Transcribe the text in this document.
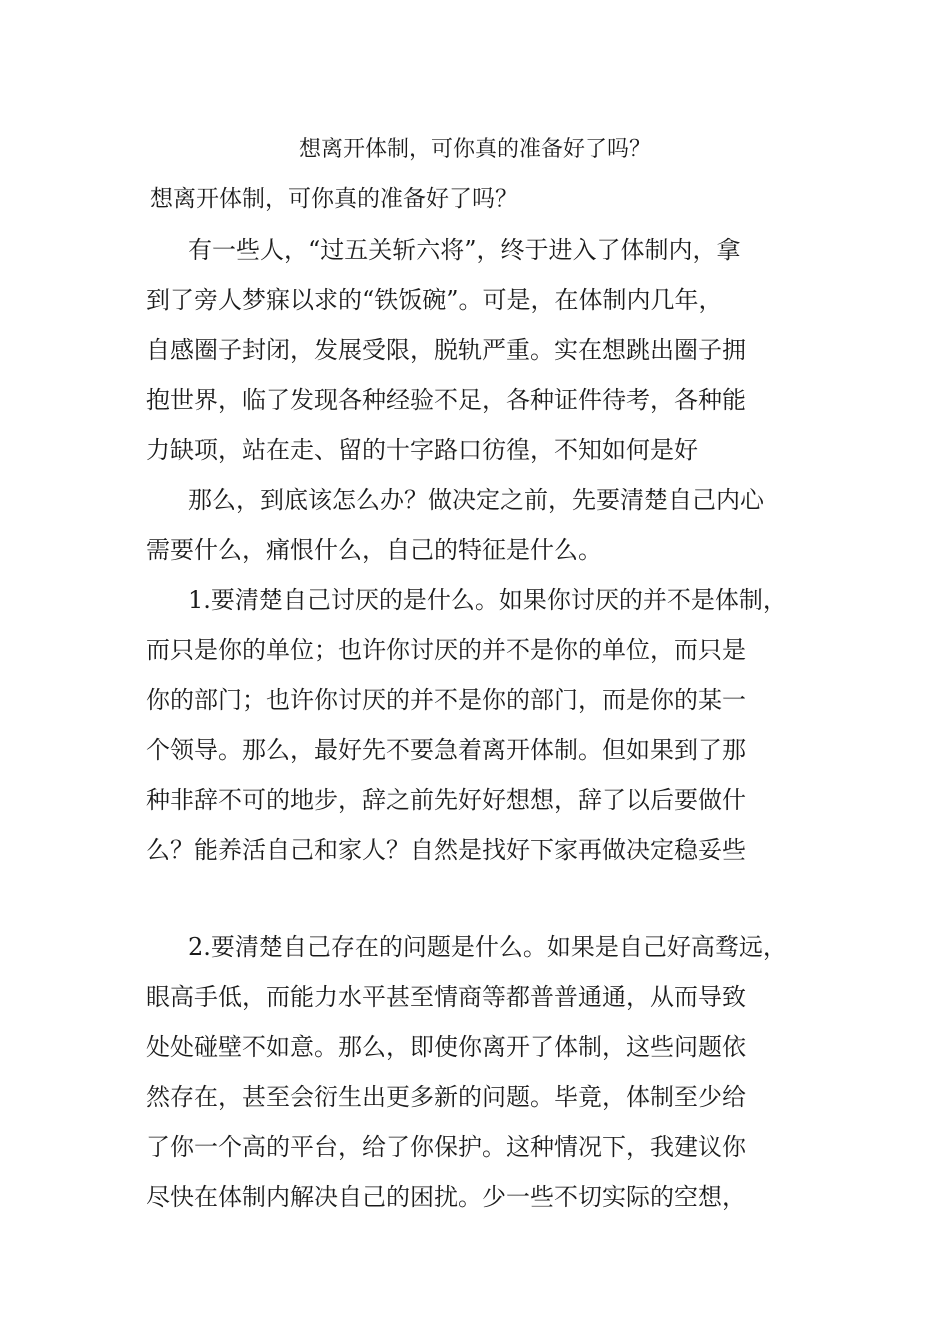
想离开体制，可你真的准备好了吗？
想离开体制，可你真的准备好了吗？
有一些人，“过五关斩六将”，终于进入了体制内，拿
到了旁人梦寐以求的“铁饭碗”。可是，在体制内几年，
自感圈子封闭，发展受限，脱轨严重。实在想跳出圈子拥
抱世界，临了发现各种经验不足，各种证件待考，各种能
力缺项，站在走、留的十字路口彷徨，不知如何是好
那么，到底该怎么办？做决定之前，先要清楚自己内心
需要什么，痛恨什么，自己的特征是什么。
1.要清楚自己讨厌的是什么。如果你讨厌的并不是体制，
而只是你的单位；也许你讨厌的并不是你的单位，而只是
你的部门；也许你讨厌的并不是你的部门，而是你的某一
个领导。那么，最好先不要急着离开体制。但如果到了那
种非辞不可的地步，辞之前先好好想想，辞了以后要做什
么？能养活自己和家人？自然是找好下家再做决定稳妥些
2.要清楚自己存在的问题是什么。如果是自己好高骛远，
眼高手低，而能力水平甚至情商等都普普通通，从而导致
处处碰壁不如意。那么，即使你离开了体制，这些问题依
然存在，甚至会衍生出更多新的问题。毕竟，体制至少给
了你一个高的平台，给了你保护。这种情况下，我建议你
尽快在体制内解决自己的困扰。少一些不切实际的空想，
